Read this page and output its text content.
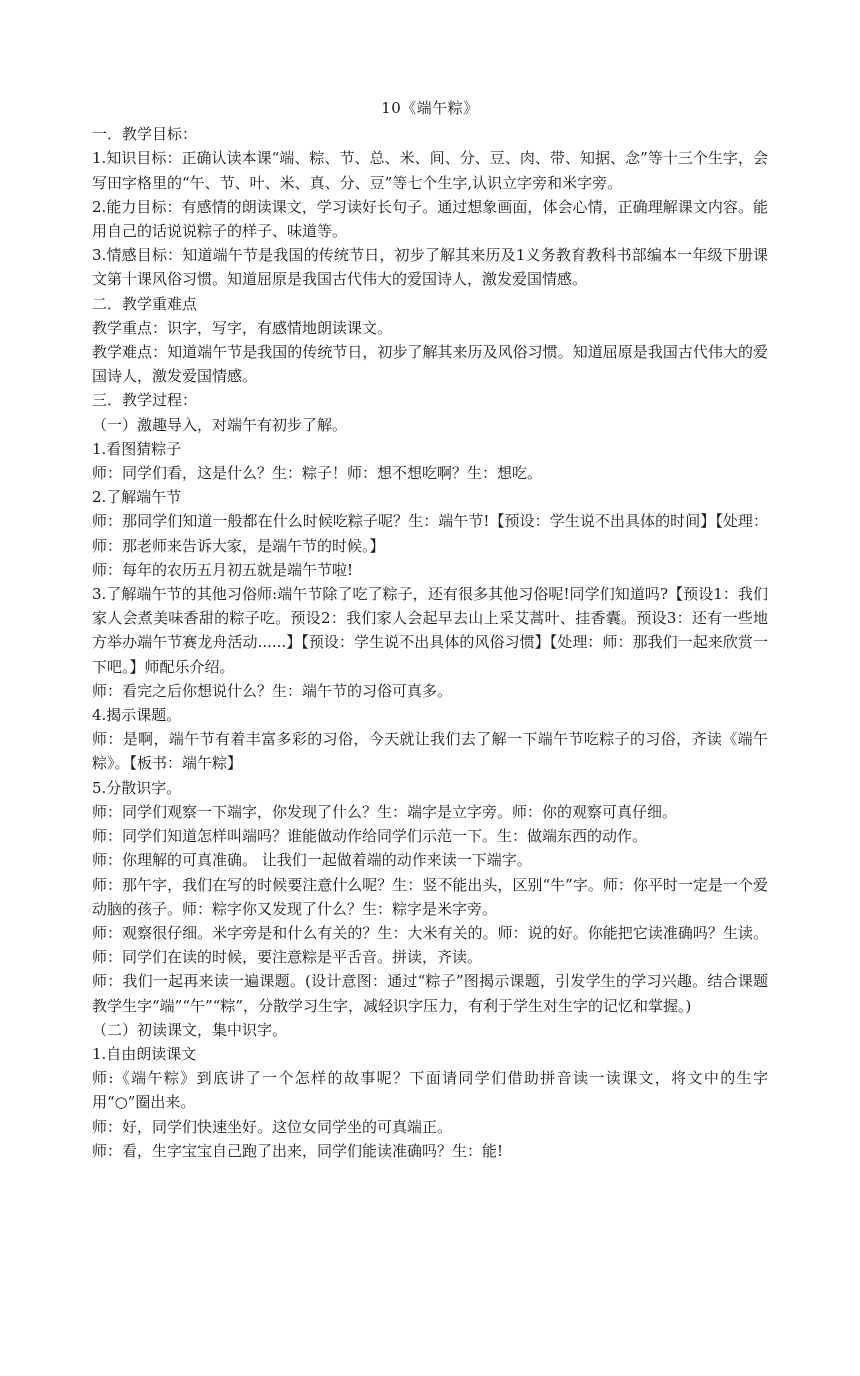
10《端午粽》

一．教学目标：

1.知识目标：正确认读本课“端、粽、节、总、米、间、分、豆、肉、带、知据、念”等十三个生字，会写田字格里的“午、节、叶、米、真、分、豆”等七个生字,认识立字旁和米字旁。

2.能力目标：有感情的朗读课文，学习读好长句子。通过想象画面，体会心情，正确理解课文内容。能用自己的话说说粽子的样子、味道等。

3.情感目标：知道端午节是我国的传统节日，初步了解其来历及1义务教育教科书部编本一年级下册课文第十课风俗习惯。知道屈原是我国古代伟大的爱国诗人，激发爱国情感。

二．教学重难点

教学重点：识字，写字，有感情地朗读课文。

教学难点：知道端午节是我国的传统节日，初步了解其来历及风俗习惯。知道屈原是我国古代伟大的爱国诗人，激发爱国情感。

三．教学过程：

（一）激趣导入，对端午有初步了解。

1.看图猜粽子

师：同学们看，这是什么？生：粽子！师：想不想吃啊？生：想吃。

2.了解端午节

师：那同学们知道一般都在什么时候吃粽子呢？生：端午节!【预设：学生说不出具体的时间】【处理：师：那老师来告诉大家，是端午节的时候。】

师：每年的农历五月初五就是端午节啦!

3.了解端午节的其他习俗师:端午节除了吃了粽子，还有很多其他习俗呢!同学们知道吗?【预设1：我们家人会煮美味香甜的粽子吃。预设2：我们家人会起早去山上采艾蒿叶、挂香囊。预设3：还有一些地方举办端午节赛龙舟活动......】【预设：学生说不出具体的风俗习惯】【处理：师：那我们一起来欣赏一下吧。】师配乐介绍。

师：看完之后你想说什么？生：端午节的习俗可真多。

4.揭示课题。

师：是啊，端午节有着丰富多彩的习俗，今天就让我们去了解一下端午节吃粽子的习俗，齐读《端午粽》。【板书：端午粽】

5.分散识字。

师：同学们观察一下端字，你发现了什么？生：端字是立字旁。师：你的观察可真仔细。

师：同学们知道怎样叫端吗？谁能做动作给同学们示范一下。生：做端东西的动作。

师：你理解的可真准确。 让我们一起做着端的动作来读一下端字。

师：那午字，我们在写的时候要注意什么呢？生：竖不能出头，区别“牛”字。师：你平时一定是一个爱动脑的孩子。师：粽字你又发现了什么？生：粽字是米字旁。

师：观察很仔细。米字旁是和什么有关的？生：大米有关的。师：说的好。你能把它读准确吗？生读。师：同学们在读的时候，要注意粽是平舌音。拼读，齐读。

师：我们一起再来读一遍课题。(设计意图：通过“粽子”图揭示课题，引发学生的学习兴趣。结合课题教学生字“端”“午”“粽”，分散学习生字，减轻识字压力，有利于学生对生字的记忆和掌握。)

（二）初读课文，集中识字。

1.自由朗读课文

师:《端午粽》到底讲了一个怎样的故事呢？下面请同学们借助拼音读一读课文，将文中的生字用“○”圈出来。

师：好，同学们快速坐好。这位女同学坐的可真端正。

师：看，生字宝宝自己跑了出来，同学们能读准确吗？生：能!
